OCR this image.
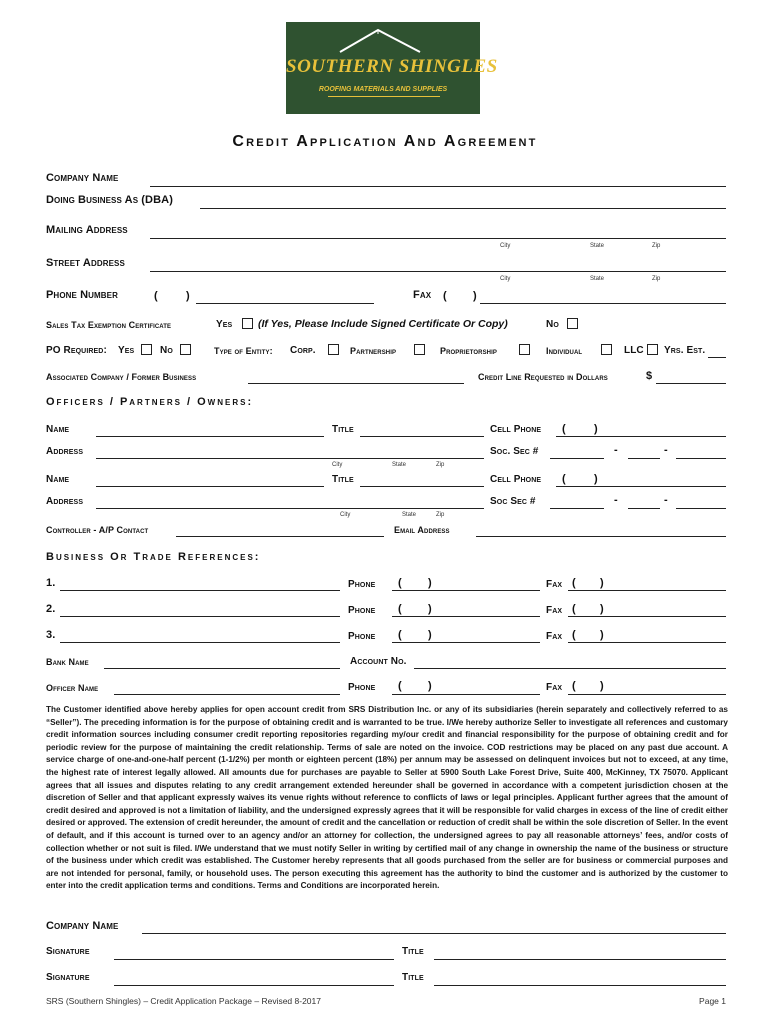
SOUTHERN SHINGLES
ROOFING MATERIALS AND SUPPLIES
Credit Application And Agreement
Company Name
Doing Business As (DBA)
Mailing Address
City	State	Zip
Street Address
City	State	Zip
Phone Number	(	)	Fax ( )
Sales Tax Exemption Certificate	Yes (If Yes, Please Include Signed Certificate Or Copy)	No
PO Required: Yes	No	Type of Entity: Corp.	Partnership	Proprietorship	Individual	LLC Yrs. Est.
Associated Company / Former Business	Credit Line Requested in Dollars	$
Officers / Partners / Owners:
Name	Title	Cell Phone (	)
Address
City	State	Zip
Soc. Sec #	-	-
Name	Title	Cell Phone (	)
Address
City	State	Zip
Soc Sec #	-	-
Controller - A/P Contact	Email Address
Business Or Trade References:
1.	Phone ( )	Fax ( )
2.	Phone ( )	Fax ( )
3.	Phone ( )	Fax ( )
Bank Name	Account No.
Officer Name	Phone ( )	Fax ( )
The Customer identified above hereby applies for open account credit from SRS Distribution Inc. or any of its subsidiaries (herein separately and collectively referred to as “Seller”). The preceding information is for the purpose of obtaining credit and is warranted to be true. I/We hereby authorize Seller to investigate all references and customary credit information sources including consumer credit reporting repositories regarding my/our credit and financial responsibility for the purpose of obtaining credit and for periodic review for the purpose of maintaining the credit relationship. Terms of sale are noted on the invoice. COD restrictions may be placed on any past due account. A service charge of one-and-one-half percent (1-1/2%) per month or eighteen percent (18%) per annum may be assessed on delinquent invoices but not to exceed, at any time, the highest rate of interest legally allowed. All amounts due for purchases are payable to Seller at 5900 South Lake Forest Drive, Suite 400, McKinney, TX 75070. Applicant agrees that all issues and disputes relating to any credit arrangement extended hereunder shall be governed in accordance with a competent jurisdiction chosen at the discretion of Seller and that applicant expressly waives its venue rights without reference to conflicts of laws or legal principles. Applicant further agrees that the amount of credit desired and approved is not a limitation of liability, and the undersigned expressly agrees that it will be responsible for valid charges in excess of the line of credit either desired or approved. The extension of credit hereunder, the amount of credit and the cancellation or reduction of credit shall be within the sole discretion of Seller. In the event of default, and if this account is turned over to an agency and/or an attorney for collection, the undersigned agrees to pay all reasonable attorneys’ fees, and/or costs of collection whether or not suit is filed. I/We understand that we must notify Seller in writing by certified mail of any change in ownership the name of the business or structure of the business under which credit was established. The Customer hereby represents that all goods purchased from the seller are for business or commercial purposes and are not intended for personal, family, or household uses. The person executing this agreement has the authority to bind the customer and is authorized by the customer to enter into the credit application terms and conditions. Terms and Conditions are incorporated herein.
Company Name
Signature	Title
Signature	Title
SRS (Southern Shingles) – Credit Application Package – Revised 8-2017	Page 1
